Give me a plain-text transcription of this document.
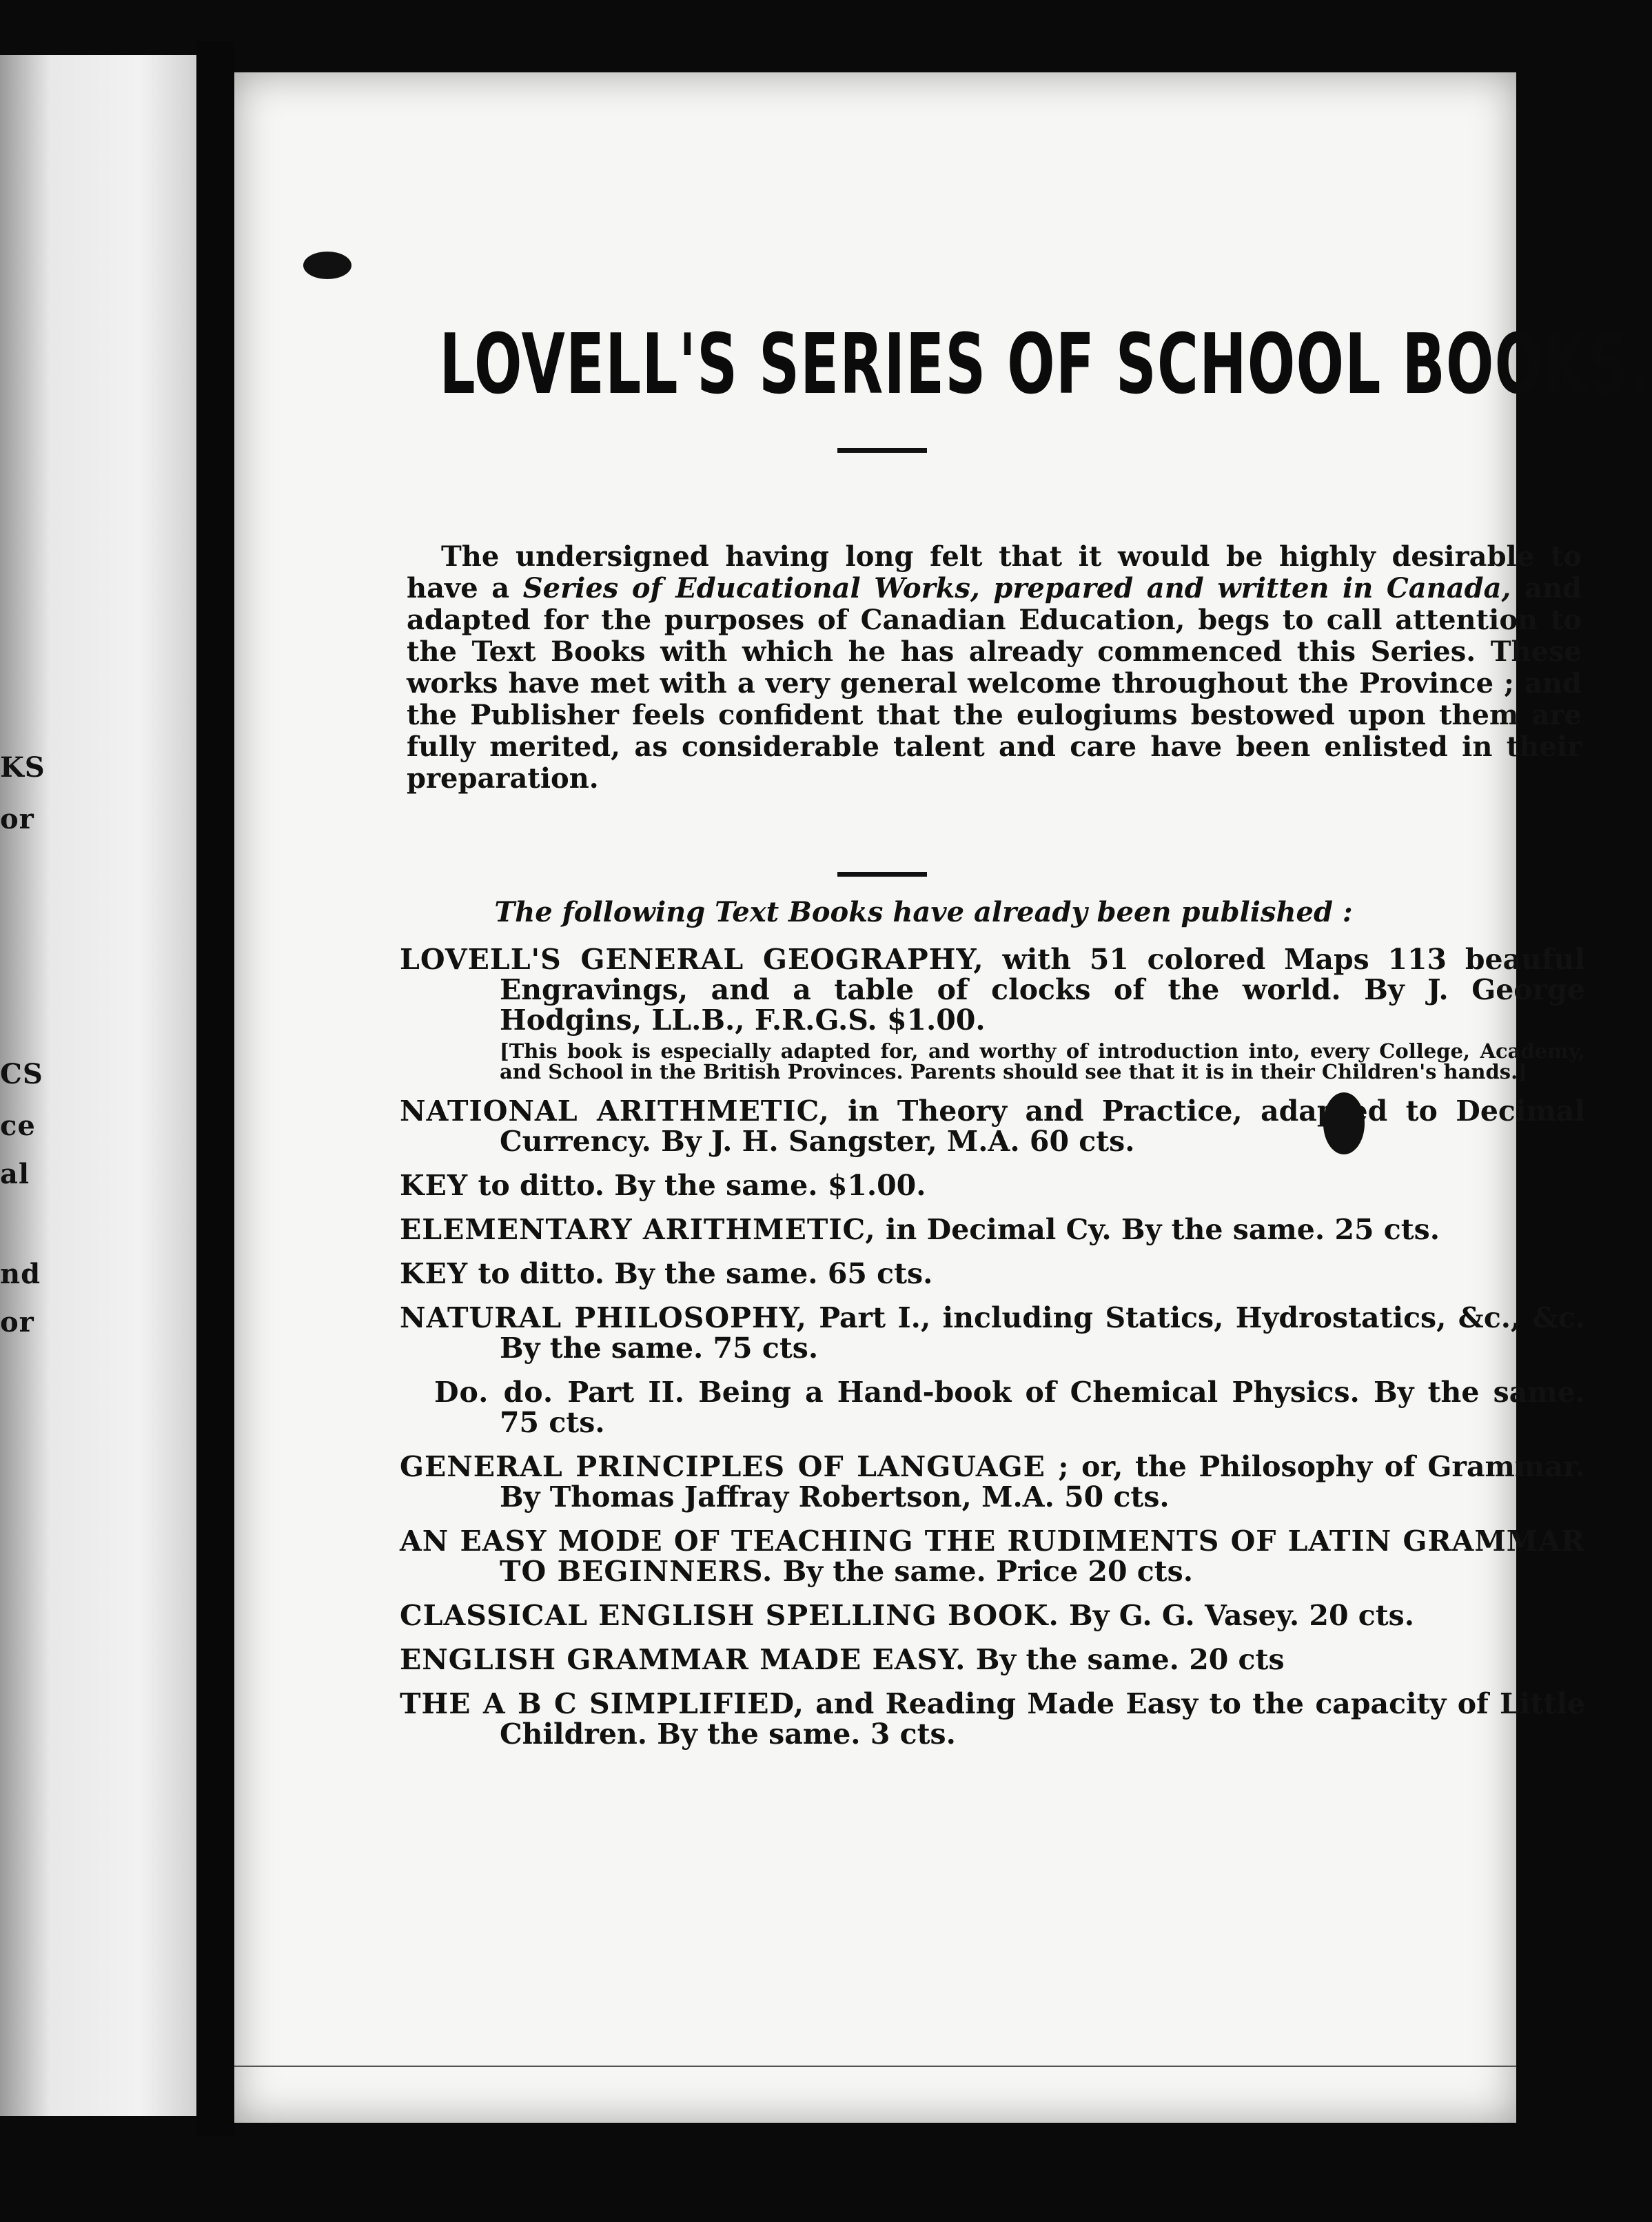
KS
or
CS
ce
al
nd
or
LOVELL'S SERIES OF SCHOOL BOOKS.
The undersigned having long felt that it would be highly desirable to have a Series of Educational Works, prepared and written in Canada, and adapted for the purposes of Canadian Education, begs to call attention to the Text Books with which he has already commenced this Series. These works have met with a very general welcome throughout the Province ; and the Publisher feels confident that the eulogiums bestowed upon them are fully merited, as considerable talent and care have been enlisted in their preparation.
The following Text Books have already been published :
LOVELL'S GENERAL GEOGRAPHY, with 51 colored Maps 113 beauful Engravings, and a table of clocks of the world. By J. George Hodgins, LL.B., F.R.G.S. $1.00.
[This book is especially adapted for, and worthy of introduction into, every College, Academy, and School in the British Provinces. Parents should see that it is in their Children's hands.]
NATIONAL ARITHMETIC, in Theory and Practice, adapted to Decimal Currency. By J. H. Sangster, M.A. 60 cts.
KEY to ditto. By the same. $1.00.
ELEMENTARY ARITHMETIC, in Decimal Cy. By the same. 25 cts.
KEY to ditto. By the same. 65 cts.
NATURAL PHILOSOPHY, Part I., including Statics, Hydrostatics, &c., &c. By the same. 75 cts.
Do. do. Part II. Being a Hand-book of Chemical Physics. By the same. 75 cts.
GENERAL PRINCIPLES OF LANGUAGE ; or, the Philosophy of Grammar. By Thomas Jaffray Robertson, M.A. 50 cts.
AN EASY MODE OF TEACHING THE RUDIMENTS OF LATIN GRAMMAR TO BEGINNERS. By the same. Price 20 cts.
CLASSICAL ENGLISH SPELLING BOOK. By G. G. Vasey. 20 cts.
ENGLISH GRAMMAR MADE EASY. By the same. 20 cts
THE A B C SIMPLIFIED, and Reading Made Easy to the capacity of Little Children. By the same. 3 cts.
